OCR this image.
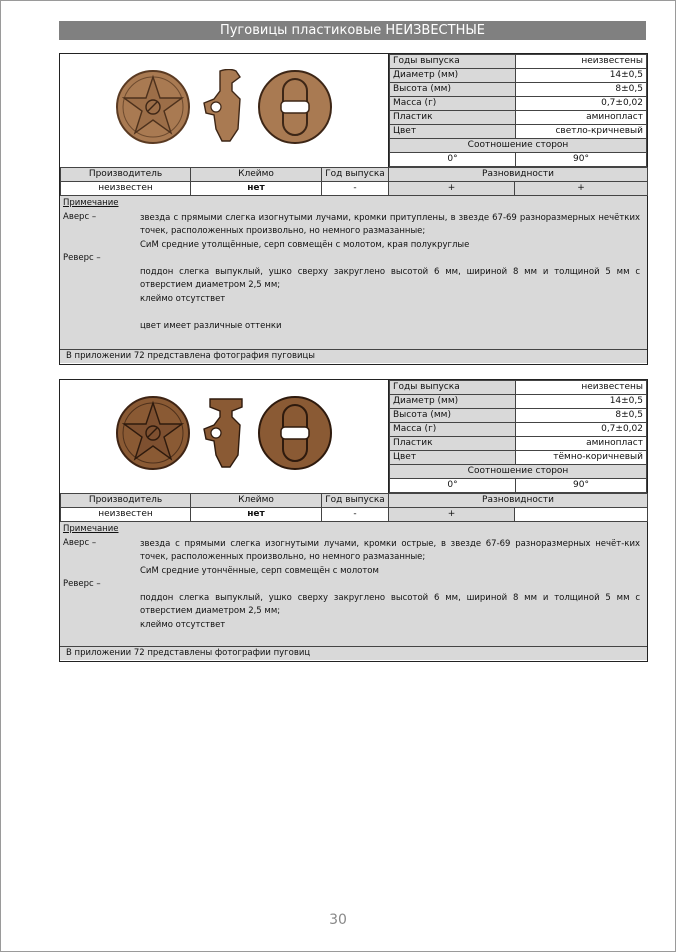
Пуговицы пластиковые НЕИЗВЕСТНЫЕ
Годы выпуска	неизвестены
Диаметр (мм)	14±0,5
Высота (мм)	8±0,5
Масса (г)	0,7±0,02
Пластик	аминопласт
Цвет	светло-кричневый
Соотношение сторон	
0°	90°
Производитель	Клеймо	Год выпуска	Разновидности	
неизвестен	нет	-	+	+
Примечание
Аверс –	звезда с прямыми слегка изогнутыми лучами, кромки притуплены, в звезде 67-69 разноразмерных нечётких точек, расположенных произвольно, но немного размазанные;
СиМ средние утолщённые, серп совмещён с молотом, края полукруглые
Реверс –
поддон слегка выпуклый, ушко сверху закруглено высотой 6 мм, шириной 8 мм и толщиной 5 мм с отверстием диаметром 2,5 мм;
клеймо отсутствет
цвет имеет различные оттенки
В приложении 72 представлена фотография пуговицы
Годы выпуска	неизвестены
Диаметр (мм)	14±0,5
Высота (мм)	8±0,5
Масса (г)	0,7±0,02
Пластик	аминопласт
Цвет	тёмно-коричневый
Соотношение сторон	
0°	90°
Производитель	Клеймо	Год выпуска	Разновидности	
неизвестен	нет	-	+	
Примечание
Аверс –	звезда с прямыми слегка изогнутыми лучами, кромки острые, в звезде 67-69 разноразмерных нечёт-ких точек, расположенных произвольно, но немного размазанные;
СиМ средние утончённые, серп совмещён с молотом
Реверс –
поддон слегка выпуклый, ушко сверху закруглено высотой 6 мм, шириной 8 мм и толщиной 5 мм с отверстием диаметром 2,5 мм;
клеймо отсутствет
В приложении 72 представлены фотографии пуговиц
30
